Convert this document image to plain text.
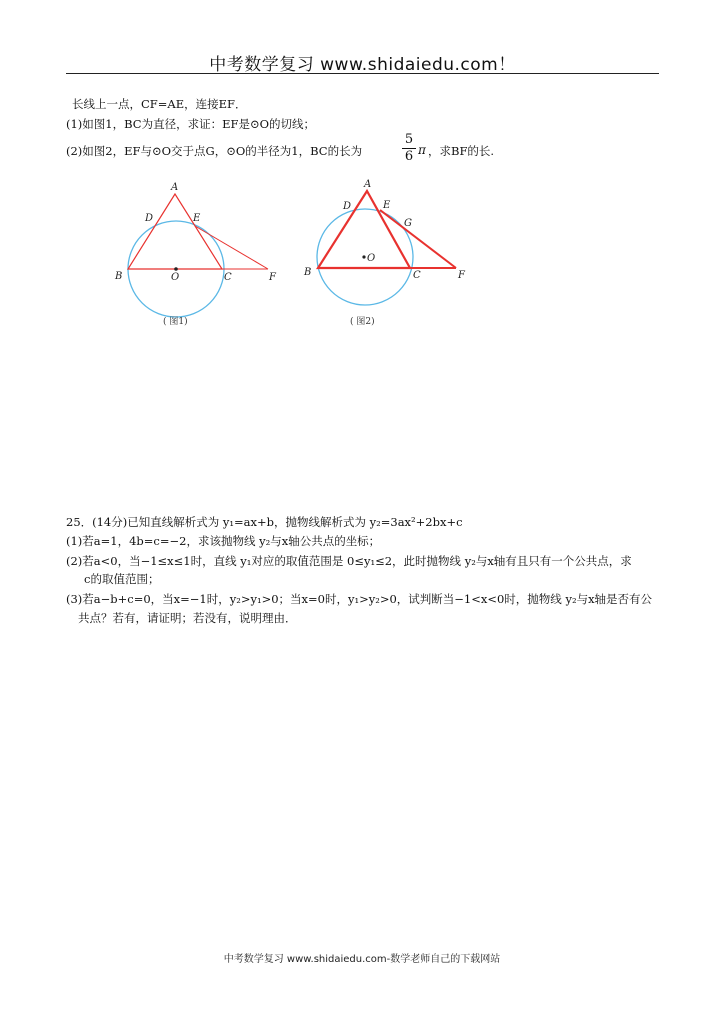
中考数学复习 www.shidaiedu.com！
长线上一点，CF=AE，连接EF．
(1)如图1，BC为直径，求证：EF是⊙O的切线；
(2)如图2，EF与⊙O交于点G，⊙O的半径为1，BC的长为
5
6 π ，求BF的长.
A
D	E
B	O	C	F
( 图1)
A
D	E
G
B
O
C	F
( 图2)
25．(14分)已知直线解析式为 y₁=ax+b，抛物线解析式为 y₂=3ax²+2bx+c
(1)若a=1，4b=c=−2，求该抛物线 y₂与x轴公共点的坐标；
(2)若a<0，当−1≤x≤1时，直线 y₁对应的取值范围是 0≤y₁≤2，此时抛物线 y₂与x轴有且只有一个公共点，求
c的取值范围；
(3)若a−b+c=0，当x=−1时，y₂>y₁>0；当x=0时，y₁>y₂>0，试判断当−1<x<0时，抛物线 y₂与x轴是否有公
共点？若有，请证明；若没有，说明理由．
中考数学复习 www.shidaiedu.com-数学老师自己的下载网站
